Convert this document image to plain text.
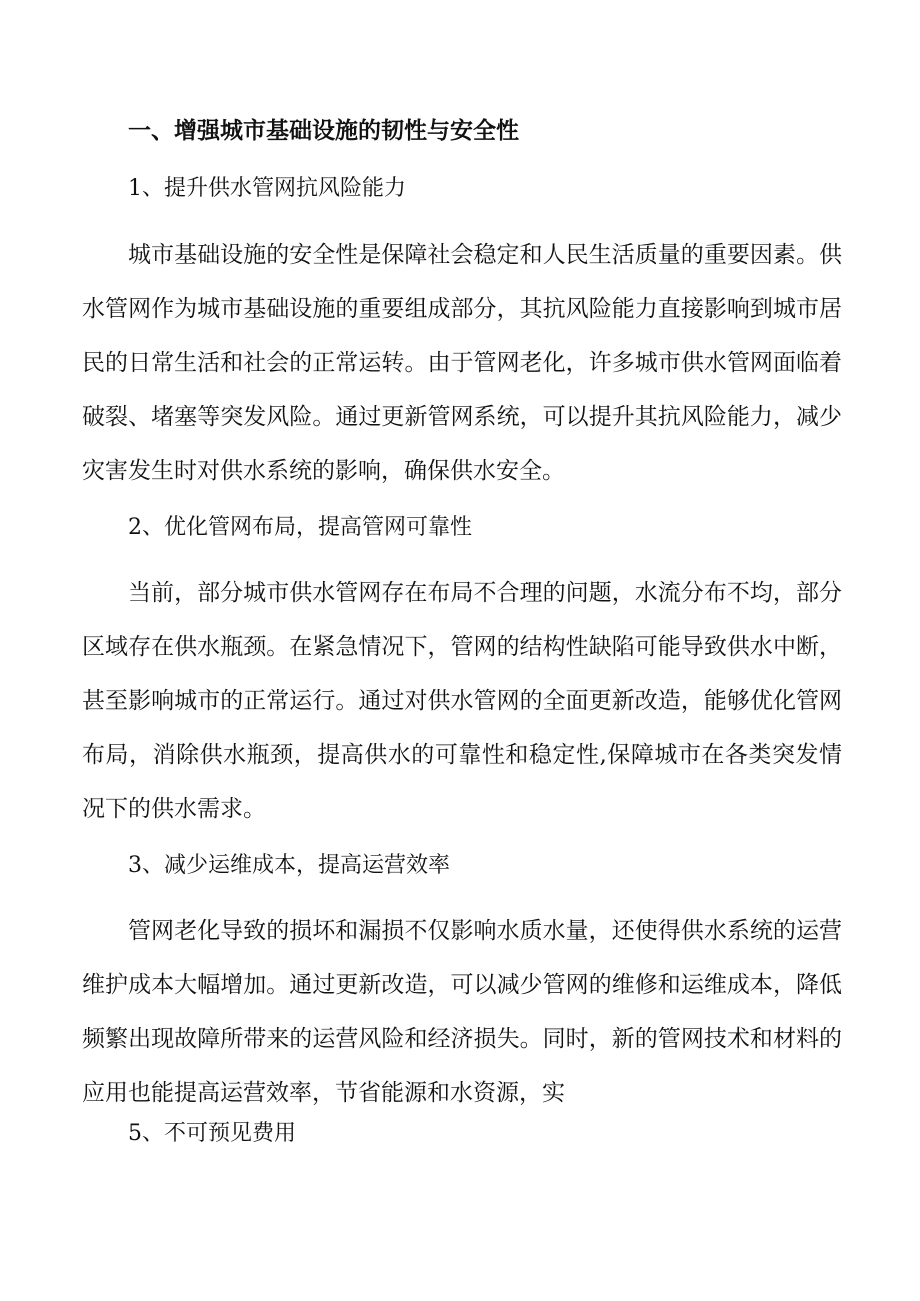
一、增强城市基础设施的韧性与安全性
1、提升供水管网抗风险能力

城市基础设施的安全性是保障社会稳定和人民生活质量的重要因素。供水管网作为城市基础设施的重要组成部分，其抗风险能力直接影响到城市居民的日常生活和社会的正常运转。由于管网老化，许多城市供水管网面临着破裂、堵塞等突发风险。通过更新管网系统，可以提升其抗风险能力，减少灾害发生时对供水系统的影响，确保供水安全。

2、优化管网布局，提高管网可靠性

当前，部分城市供水管网存在布局不合理的问题，水流分布不均，部分区域存在供水瓶颈。在紧急情况下，管网的结构性缺陷可能导致供水中断，甚至影响城市的正常运行。通过对供水管网的全面更新改造，能够优化管网布局，消除供水瓶颈，提高供水的可靠性和稳定性,保障城市在各类突发情况下的供水需求。

3、减少运维成本，提高运营效率

管网老化导致的损坏和漏损不仅影响水质水量，还使得供水系统的运营维护成本大幅增加。通过更新改造，可以减少管网的维修和运维成本，降低频繁出现故障所带来的运营风险和经济损失。同时，新的管网技术和材料的应用也能提高运营效率，节省能源和水资源，实

5、不可预见费用
